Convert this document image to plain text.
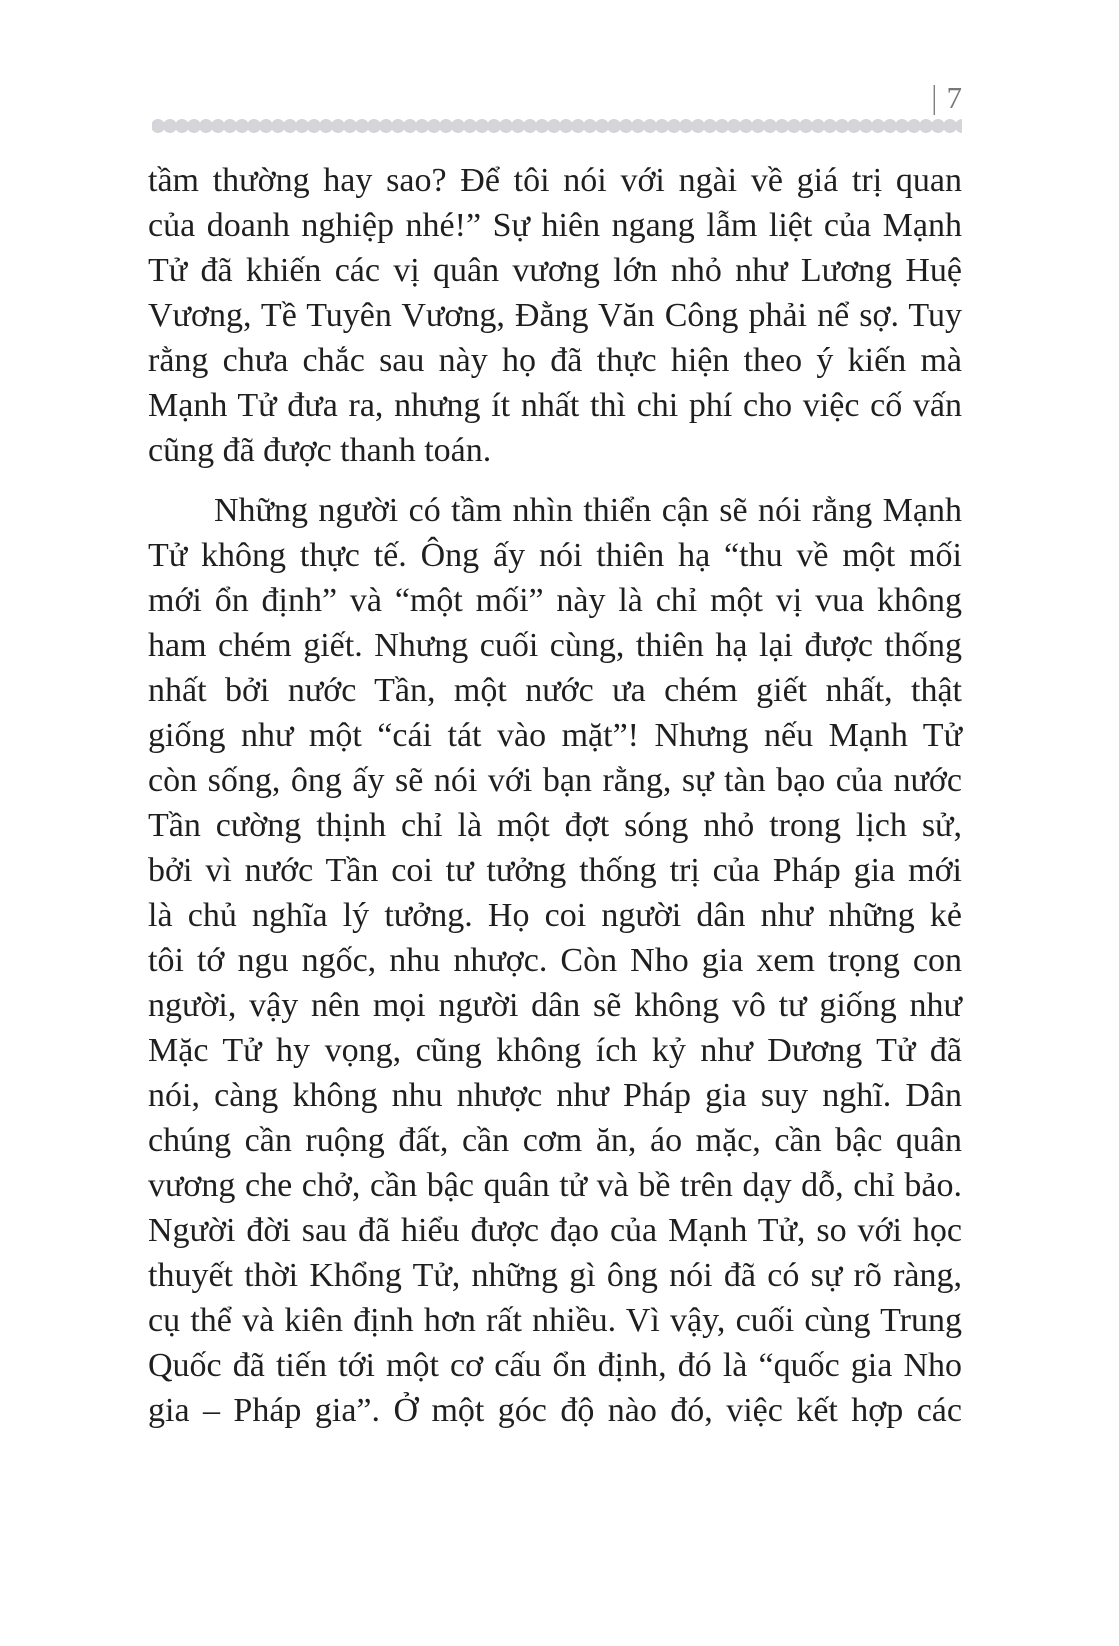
| 7
tầm thường hay sao? Để tôi nói với ngài về giá trị quan
của doanh nghiệp nhé!” Sự hiên ngang lẫm liệt của Mạnh
Tử đã khiến các vị quân vương lớn nhỏ như Lương Huệ
Vương, Tề Tuyên Vương, Đằng Văn Công phải nể sợ. Tuy
rằng chưa chắc sau này họ đã thực hiện theo ý kiến mà
Mạnh Tử đưa ra, nhưng ít nhất thì chi phí cho việc cố vấn
cũng đã được thanh toán.
Những người có tầm nhìn thiển cận sẽ nói rằng Mạnh
Tử không thực tế. Ông ấy nói thiên hạ “thu về một mối
mới ổn định” và “một mối” này là chỉ một vị vua không
ham chém giết. Nhưng cuối cùng, thiên hạ lại được thống
nhất bởi nước Tần, một nước ưa chém giết nhất, thật
giống như một “cái tát vào mặt”! Nhưng nếu Mạnh Tử
còn sống, ông ấy sẽ nói với bạn rằng, sự tàn bạo của nước
Tần cường thịnh chỉ là một đợt sóng nhỏ trong lịch sử,
bởi vì nước Tần coi tư tưởng thống trị của Pháp gia mới
là chủ nghĩa lý tưởng. Họ coi người dân như những kẻ
tôi tớ ngu ngốc, nhu nhược. Còn Nho gia xem trọng con
người, vậy nên mọi người dân sẽ không vô tư giống như
Mặc Tử hy vọng, cũng không ích kỷ như Dương Tử đã
nói, càng không nhu nhược như Pháp gia suy nghĩ. Dân
chúng cần ruộng đất, cần cơm ăn, áo mặc, cần bậc quân
vương che chở, cần bậc quân tử và bề trên dạy dỗ, chỉ bảo.
Người đời sau đã hiểu được đạo của Mạnh Tử, so với học
thuyết thời Khổng Tử, những gì ông nói đã có sự rõ ràng,
cụ thể và kiên định hơn rất nhiều. Vì vậy, cuối cùng Trung
Quốc đã tiến tới một cơ cấu ổn định, đó là “quốc gia Nho
gia – Pháp gia”. Ở một góc độ nào đó, việc kết hợp các
